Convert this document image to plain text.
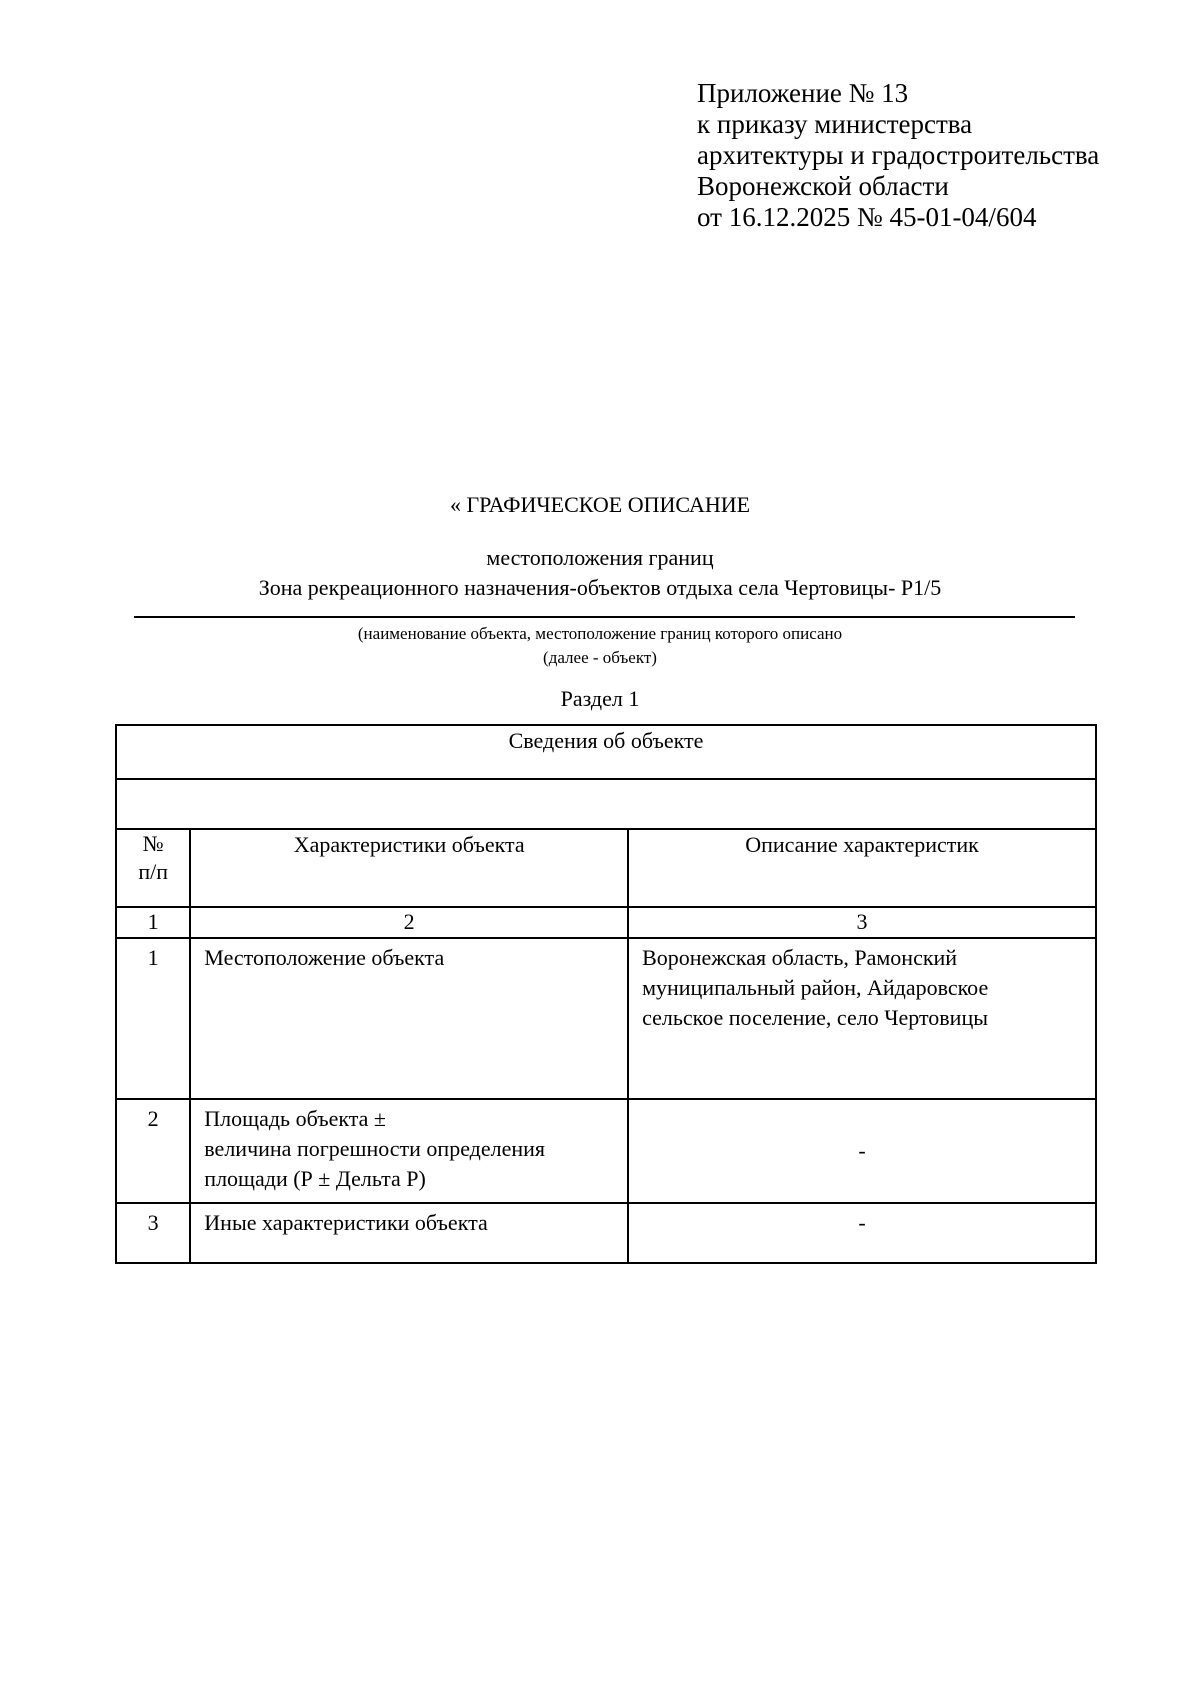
Приложение № 13
к приказу министерства
архитектуры и градостроительства
Воронежской области
от 16.12.2025 № 45-01-04/604
« ГРАФИЧЕСКОЕ ОПИСАНИЕ
местоположения границ
Зона рекреационного назначения-объектов отдыха села Чертовицы- Р1/5
(наименование объекта, местоположение границ которого описано
(далее - объект)
Раздел 1
Сведения об объекте		

№
п/п	Характеристики объекта	Описание характеристик
1	2	3
1	Местоположение объекта	Воронежская область, Рамонский
муниципальный район, Айдаровское
сельское поселение, село Чертовицы

2	Площадь объекта ±
величина погрешности определения
площади (Р ± Дельта Р)	-
3	Иные характеристики объекта	-
